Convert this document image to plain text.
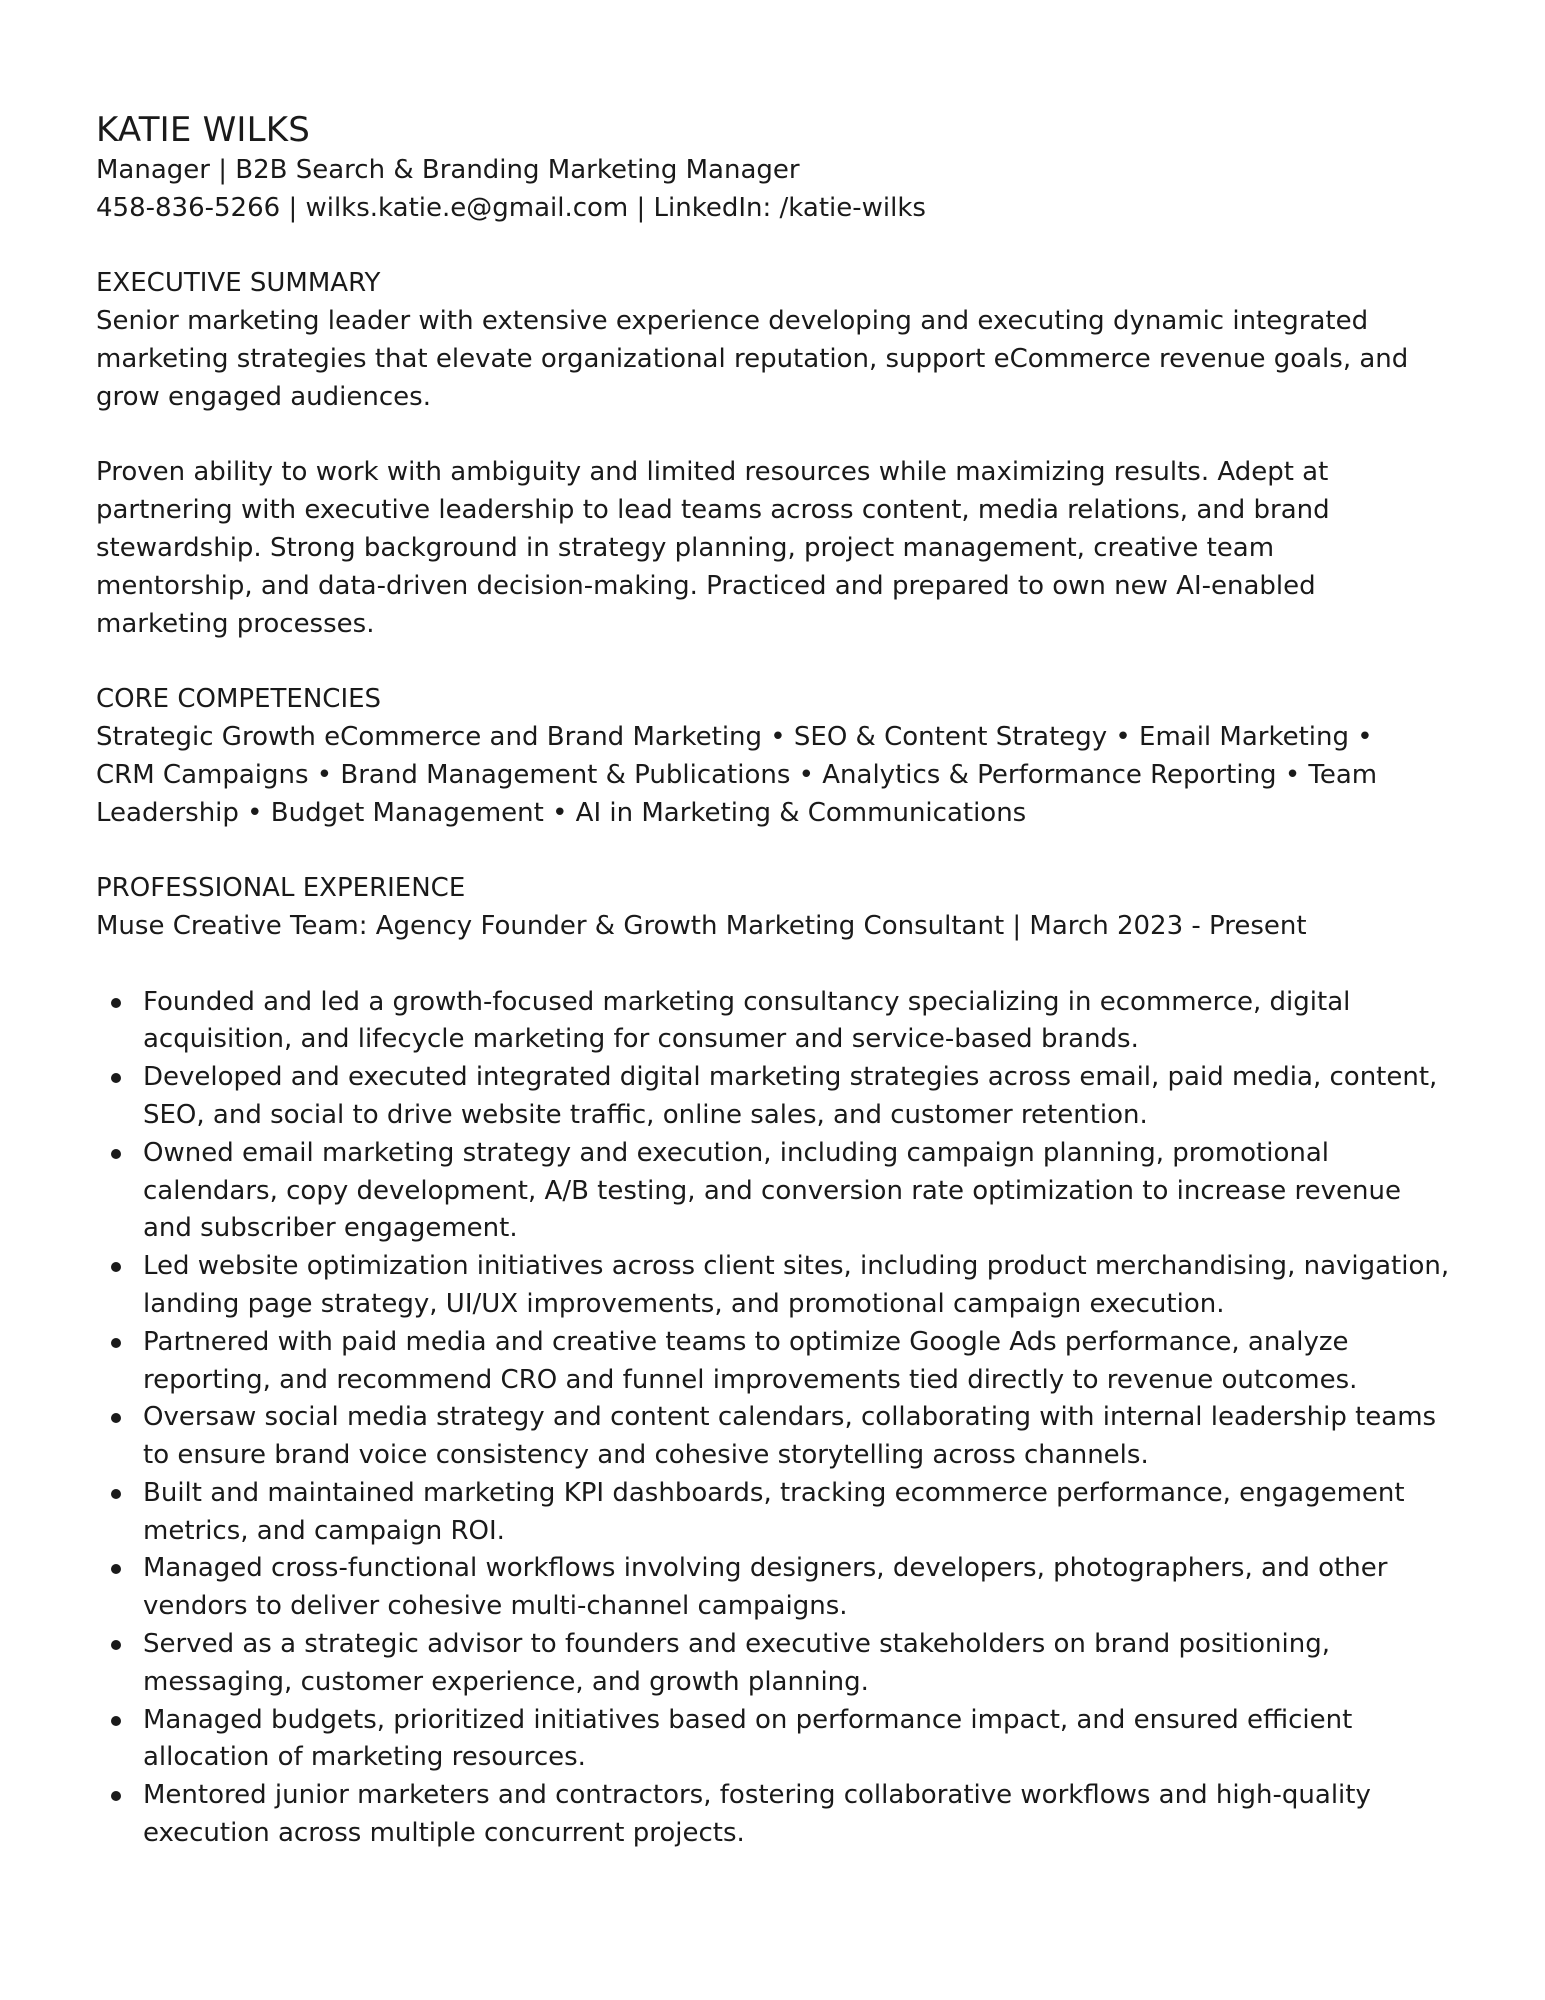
KATIE WILKS

Manager | B2B Search & Branding Marketing Manager

458-836-5266 | wilks.katie.e@gmail.com | LinkedIn: /katie-wilks

EXECUTIVE SUMMARY

Senior marketing leader with extensive experience developing and executing dynamic integrated marketing strategies that elevate organizational reputation, support eCommerce revenue goals, and grow engaged audiences.

Proven ability to work with ambiguity and limited resources while maximizing results. Adept at partnering with executive leadership to lead teams across content, media relations, and brand stewardship. Strong background in strategy planning, project management, creative team mentorship, and data-driven decision-making. Practiced and prepared to own new AI-enabled marketing processes.

CORE COMPETENCIES

Strategic Growth eCommerce and Brand Marketing • SEO & Content Strategy • Email Marketing • CRM Campaigns • Brand Management & Publications • Analytics & Performance Reporting • Team Leadership • Budget Management • AI in Marketing & Communications

PROFESSIONAL EXPERIENCE

Muse Creative Team: Agency Founder & Growth Marketing Consultant | March 2023 - Present

Founded and led a growth-focused marketing consultancy specializing in ecommerce, digital acquisition, and lifecycle marketing for consumer and service-based brands.
Developed and executed integrated digital marketing strategies across email, paid media, content, SEO, and social to drive website traffic, online sales, and customer retention.
Owned email marketing strategy and execution, including campaign planning, promotional calendars, copy development, A/B testing, and conversion rate optimization to increase revenue and subscriber engagement.
Led website optimization initiatives across client sites, including product merchandising, navigation, landing page strategy, UI/UX improvements, and promotional campaign execution.
Partnered with paid media and creative teams to optimize Google Ads performance, analyze reporting, and recommend CRO and funnel improvements tied directly to revenue outcomes.
Oversaw social media strategy and content calendars, collaborating with internal leadership teams to ensure brand voice consistency and cohesive storytelling across channels.
Built and maintained marketing KPI dashboards, tracking ecommerce performance, engagement metrics, and campaign ROI.
Managed cross-functional workflows involving designers, developers, photographers, and other vendors to deliver cohesive multi-channel campaigns.
Served as a strategic advisor to founders and executive stakeholders on brand positioning, messaging, customer experience, and growth planning.
Managed budgets, prioritized initiatives based on performance impact, and ensured efficient allocation of marketing resources.
Mentored junior marketers and contractors, fostering collaborative workflows and high-quality execution across multiple concurrent projects.
